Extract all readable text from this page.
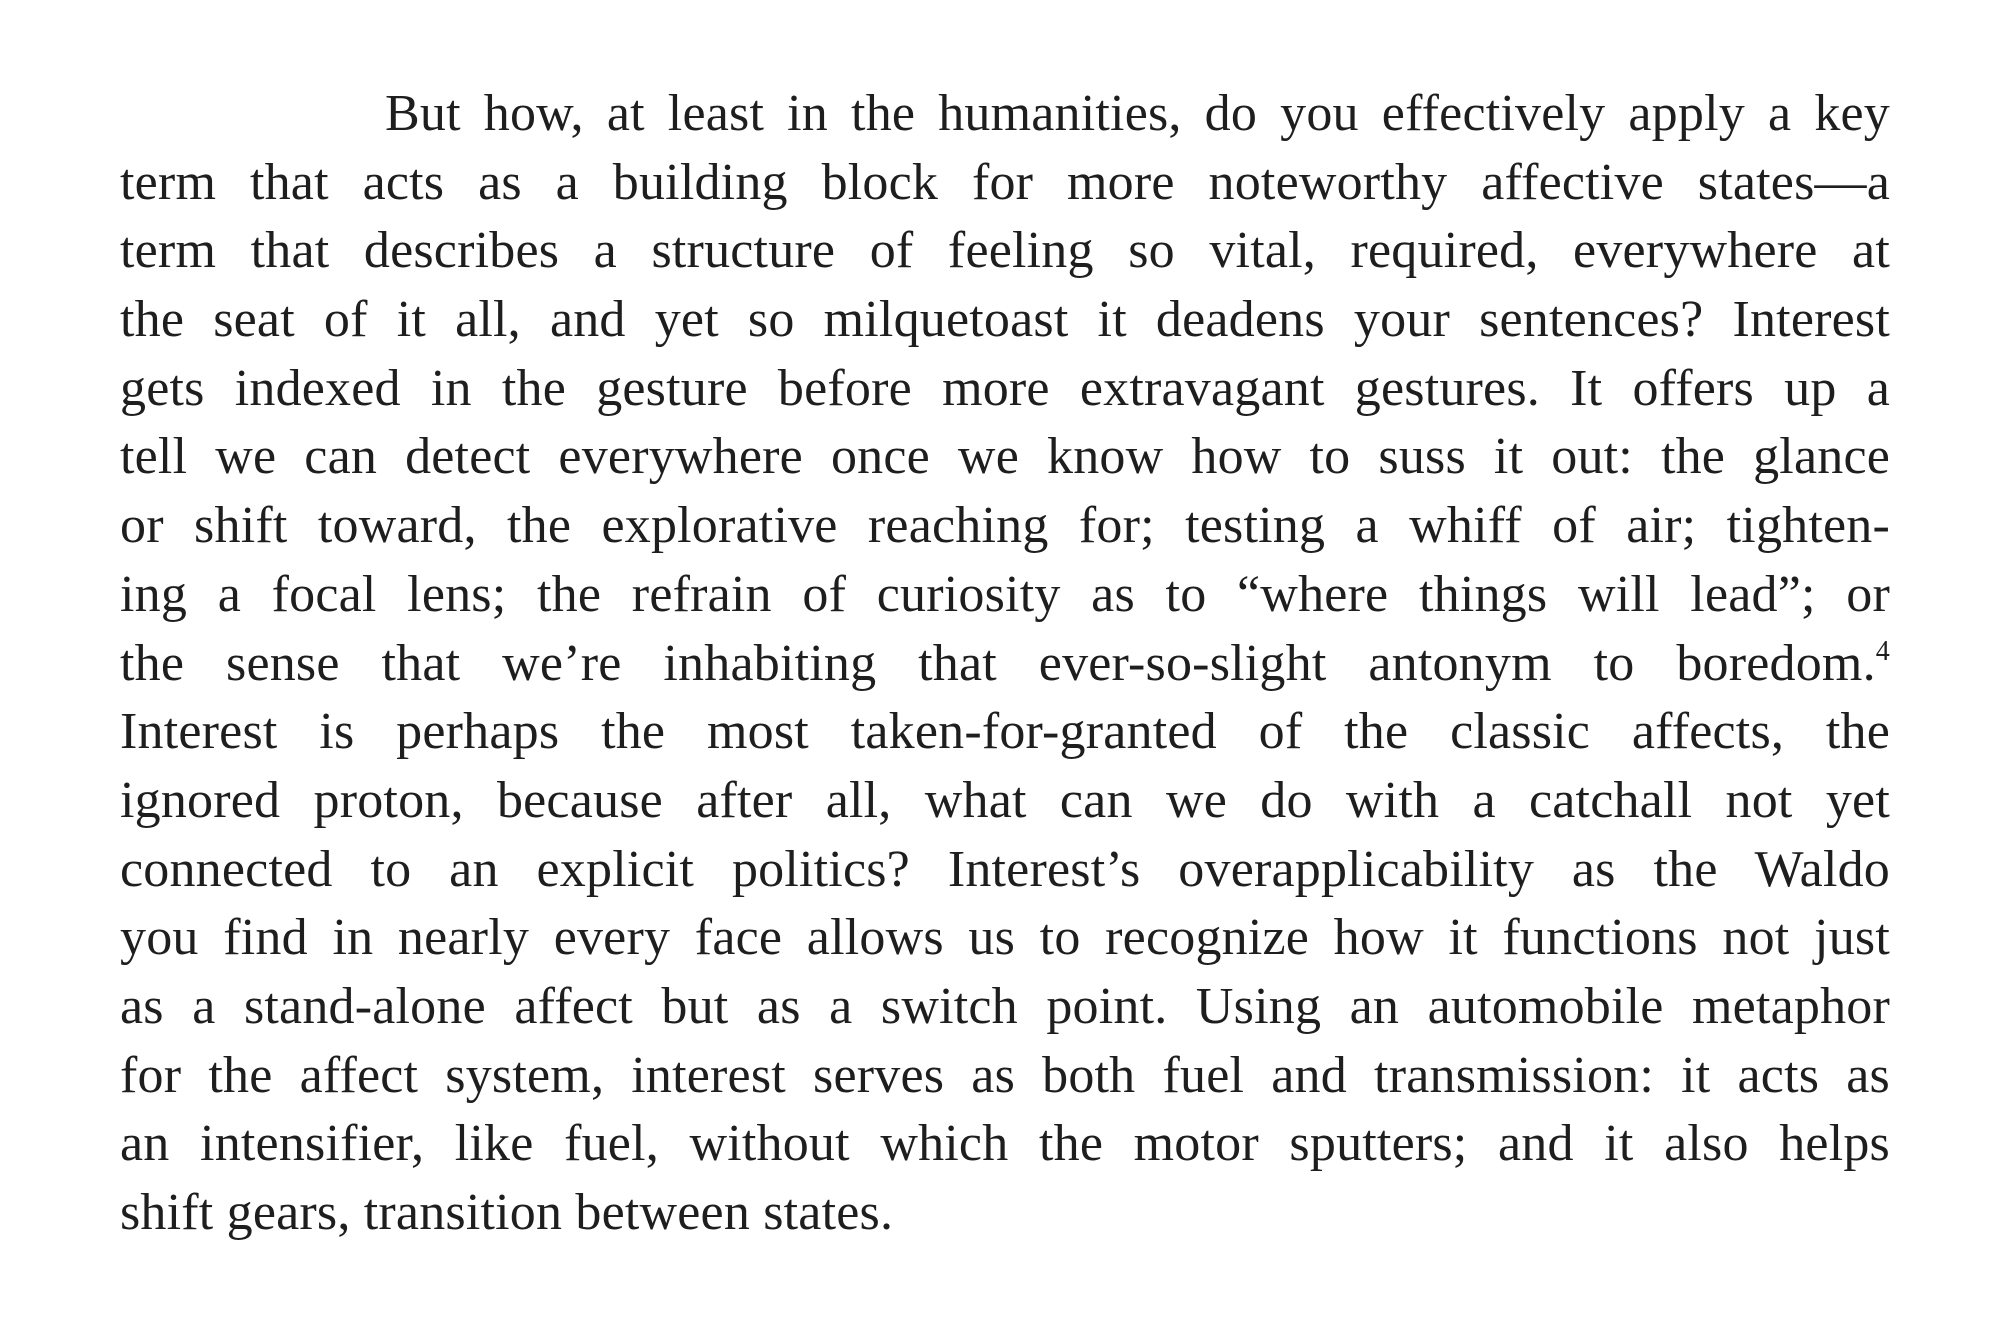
But how, at least in the humanities, do you effectively apply a key
term that acts as a building block for more noteworthy affective states—a
term that describes a structure of feeling so vital, required, everywhere at
the seat of it all, and yet so milquetoast it deadens your sentences? Interest
gets indexed in the gesture before more extravagant gestures. It offers up a
tell we can detect everywhere once we know how to suss it out: the glance
or shift toward, the explorative reaching for; testing a whiff of air; tighten-
ing a focal lens; the refrain of curiosity as to “where things will lead”; or
the sense that we’re inhabiting that ever-so-slight antonym to boredom.$^4$
Interest is perhaps the most taken-for-granted of the classic affects, the
ignored proton, because after all, what can we do with a catchall not yet
connected to an explicit politics? Interest’s overapplicability as the Waldo
you find in nearly every face allows us to recognize how it functions not just
as a stand-alone affect but as a switch point. Using an automobile metaphor
for the affect system, interest serves as both fuel and transmission: it acts as
an intensifier, like fuel, without which the motor sputters; and it also helps
shift gears, transition between states.
